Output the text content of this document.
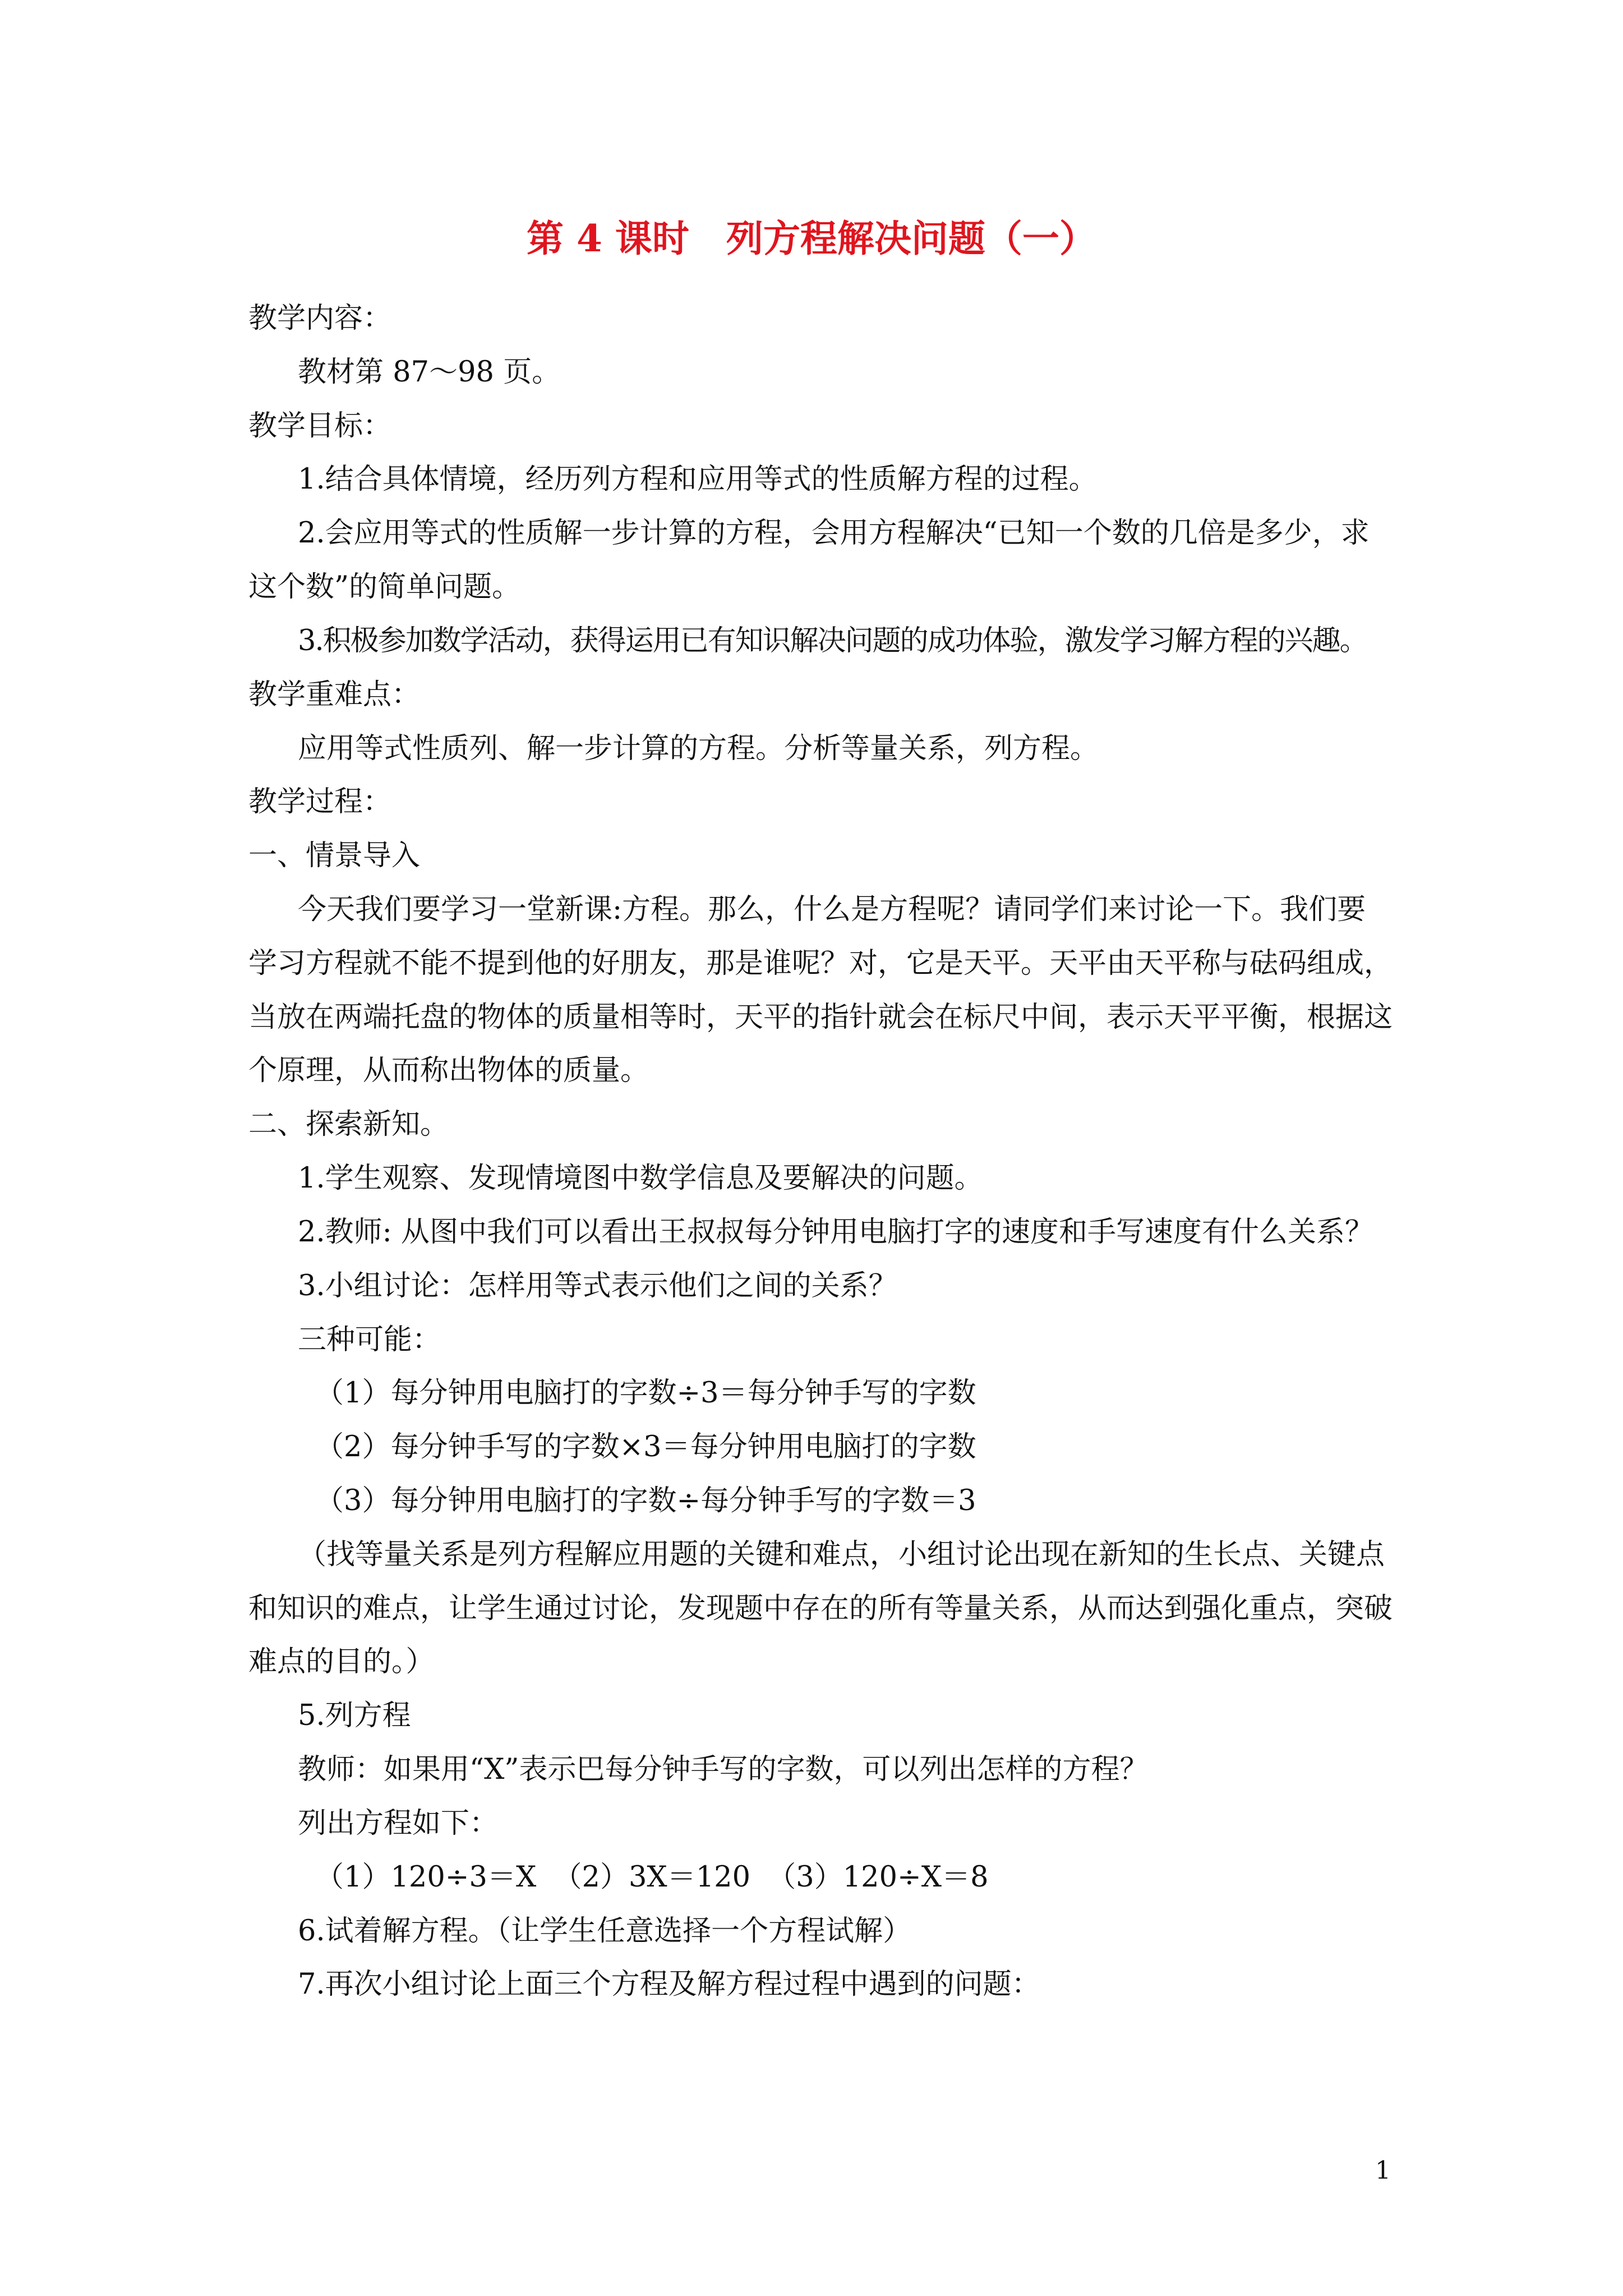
第 4 课时　列方程解决问题（一）
教学内容：
教材第 87～98 页。
教学目标：
1.结合具体情境，经历列方程和应用等式的性质解方程的过程。
2.会应用等式的性质解一步计算的方程，会用方程解决“已知一个数的几倍是多少，求
这个数”的简单问题。
3.积极参加数学活动，获得运用已有知识解决问题的成功体验，激发学习解方程的兴趣。
教学重难点：
应用等式性质列、解一步计算的方程。分析等量关系，列方程。
教学过程：
一、情景导入
今天我们要学习一堂新课:方程。那么，什么是方程呢？请同学们来讨论一下。我们要
学习方程就不能不提到他的好朋友，那是谁呢？对，它是天平。天平由天平称与砝码组成，
当放在两端托盘的物体的质量相等时，天平的指针就会在标尺中间，表示天平平衡，根据这
个原理，从而称出物体的质量。
二、探索新知。
1.学生观察、发现情境图中数学信息及要解决的问题。
2.教师: 从图中我们可以看出王叔叔每分钟用电脑打字的速度和手写速度有什么关系？
3.小组讨论：怎样用等式表示他们之间的关系？
三种可能：
（1）每分钟用电脑打的字数÷3＝每分钟手写的字数
（2）每分钟手写的字数×3＝每分钟用电脑打的字数
（3）每分钟用电脑打的字数÷每分钟手写的字数＝3
（找等量关系是列方程解应用题的关键和难点，小组讨论出现在新知的生长点、关键点
和知识的难点，让学生通过讨论，发现题中存在的所有等量关系，从而达到强化重点，突破
难点的目的。）
5.列方程
教师：如果用“X”表示巴每分钟手写的字数，可以列出怎样的方程？
列出方程如下：
（1）120÷3＝X （2）3X＝120 （3）120÷X＝8
6.试着解方程。（让学生任意选择一个方程试解）
7.再次小组讨论上面三个方程及解方程过程中遇到的问题：
1
